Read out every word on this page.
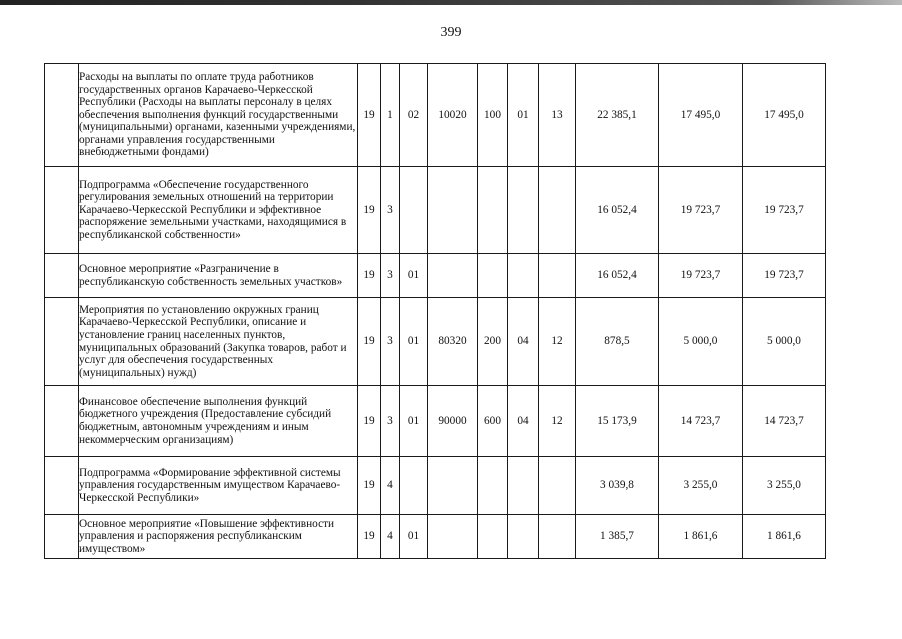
399
	Расходы на выплаты по оплате труда работников государственных органов Карачаево-Черкесской Республики (Расходы на выплаты персоналу в целях обеспечения выполнения функций государственными (муниципальными) органами, казенными учреждениями, органами управления государственными внебюджетными фондами)	19	1	02	10020	100	01	13	22 385,1	17 495,0	17 495,0
	Подпрограмма «Обеспечение государственного регулирования земельных отношений на территории Карачаево-Черкесской Республики и эффективное распоряжение земельными участками, находящимися в республиканской собственности»	19	3						16 052,4	19 723,7	19 723,7
	Основное мероприятие «Разграничение в республиканскую собственность земельных участков»	19	3	01					16 052,4	19 723,7	19 723,7
	Мероприятия по установлению окружных границ Карачаево-Черкесской Республики, описание и установление границ населенных пунктов, муниципальных образований (Закупка товаров, работ и услуг для обеспечения государственных (муниципальных) нужд)	19	3	01	80320	200	04	12	878,5	5 000,0	5 000,0
	Финансовое обеспечение выполнения функций бюджетного учреждения (Предоставление субсидий бюджетным, автономным учреждениям и иным некоммерческим организациям)	19	3	01	90000	600	04	12	15 173,9	14 723,7	14 723,7
	Подпрограмма «Формирование эффективной системы управления государственным имуществом Карачаево-Черкесской Республики»	19	4						3 039,8	3 255,0	3 255,0
	Основное мероприятие «Повышение эффективности управления и распоряжения республиканским имуществом»	19	4	01					1 385,7	1 861,6	1 861,6
